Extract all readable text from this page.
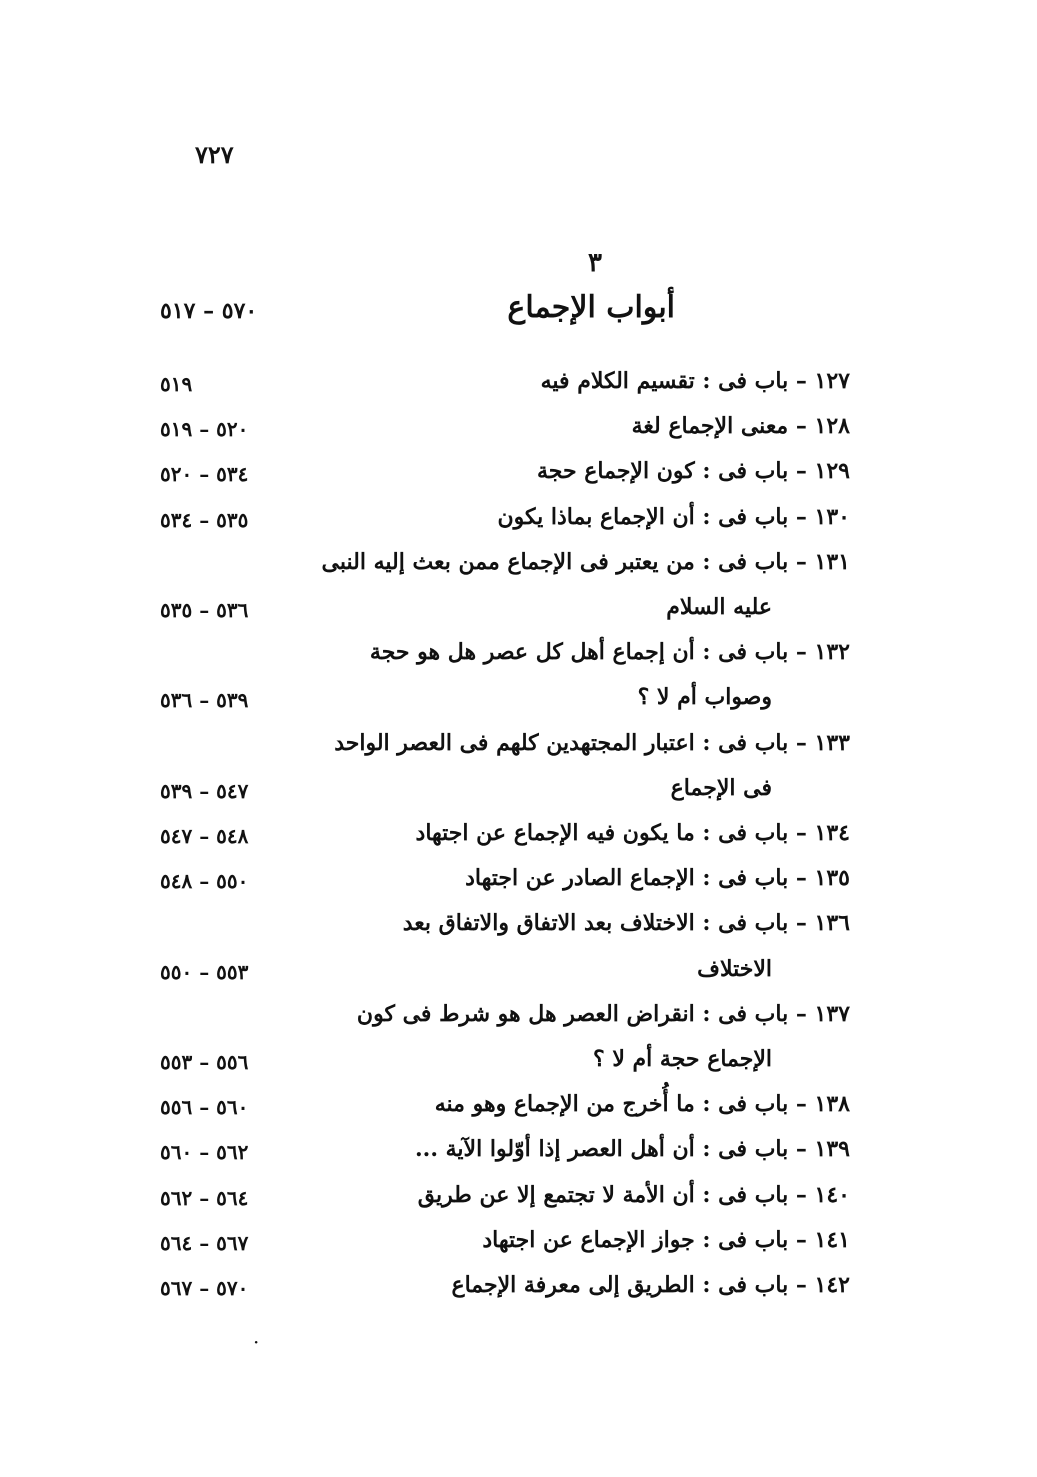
٧٢٧
٣
أبواب الإجماع
٥٧٠ – ٥١٧
١٢٧ – باب فى : تقسيم الكلام فيه
٥١٩
١٢٨ – معنى الإجماع لغة
٥٢٠ – ٥١٩
١٢٩ – باب فى : كون الإجماع حجة
٥٣٤ – ٥٢٠
١٣٠ – باب فى : أن الإجماع بماذا يكون
٥٣٥ – ٥٣٤
١٣١ – باب فى : من يعتبر فى الإجماع ممن بعث إليه النبى
عليه السلام
٥٣٦ – ٥٣٥
١٣٢ – باب فى : أن إجماع أهل كل عصر هل هو حجة
وصواب أم لا ؟
٥٣٩ – ٥٣٦
١٣٣ – باب فى : اعتبار المجتهدين كلهم فى العصر الواحد
فى الإجماع
٥٤٧ – ٥٣٩
١٣٤ – باب فى : ما يكون فيه الإجماع عن اجتهاد
٥٤٨ – ٥٤٧
١٣٥ – باب فى : الإجماع الصادر عن اجتهاد
٥٥٠ – ٥٤٨
١٣٦ – باب فى : الاختلاف بعد الاتفاق والاتفاق بعد
الاختلاف
٥٥٣ – ٥٥٠
١٣٧ – باب فى : انقراض العصر هل هو شرط فى كون
الإجماع حجة أم لا ؟
٥٥٦ – ٥٥٣
١٣٨ – باب فى : ما أُخرج من الإجماع وهو منه
٥٦٠ – ٥٥٦
١٣٩ – باب فى : أن أهل العصر إذا أوّلوا الآية ...
٥٦٢ – ٥٦٠
١٤٠ – باب فى : أن الأمة لا تجتمع إلا عن طريق
٥٦٤ – ٥٦٢
١٤١ – باب فى : جواز الإجماع عن اجتهاد
٥٦٧ – ٥٦٤
١٤٢ – باب فى : الطريق إلى معرفة الإجماع
٥٧٠ – ٥٦٧
·
